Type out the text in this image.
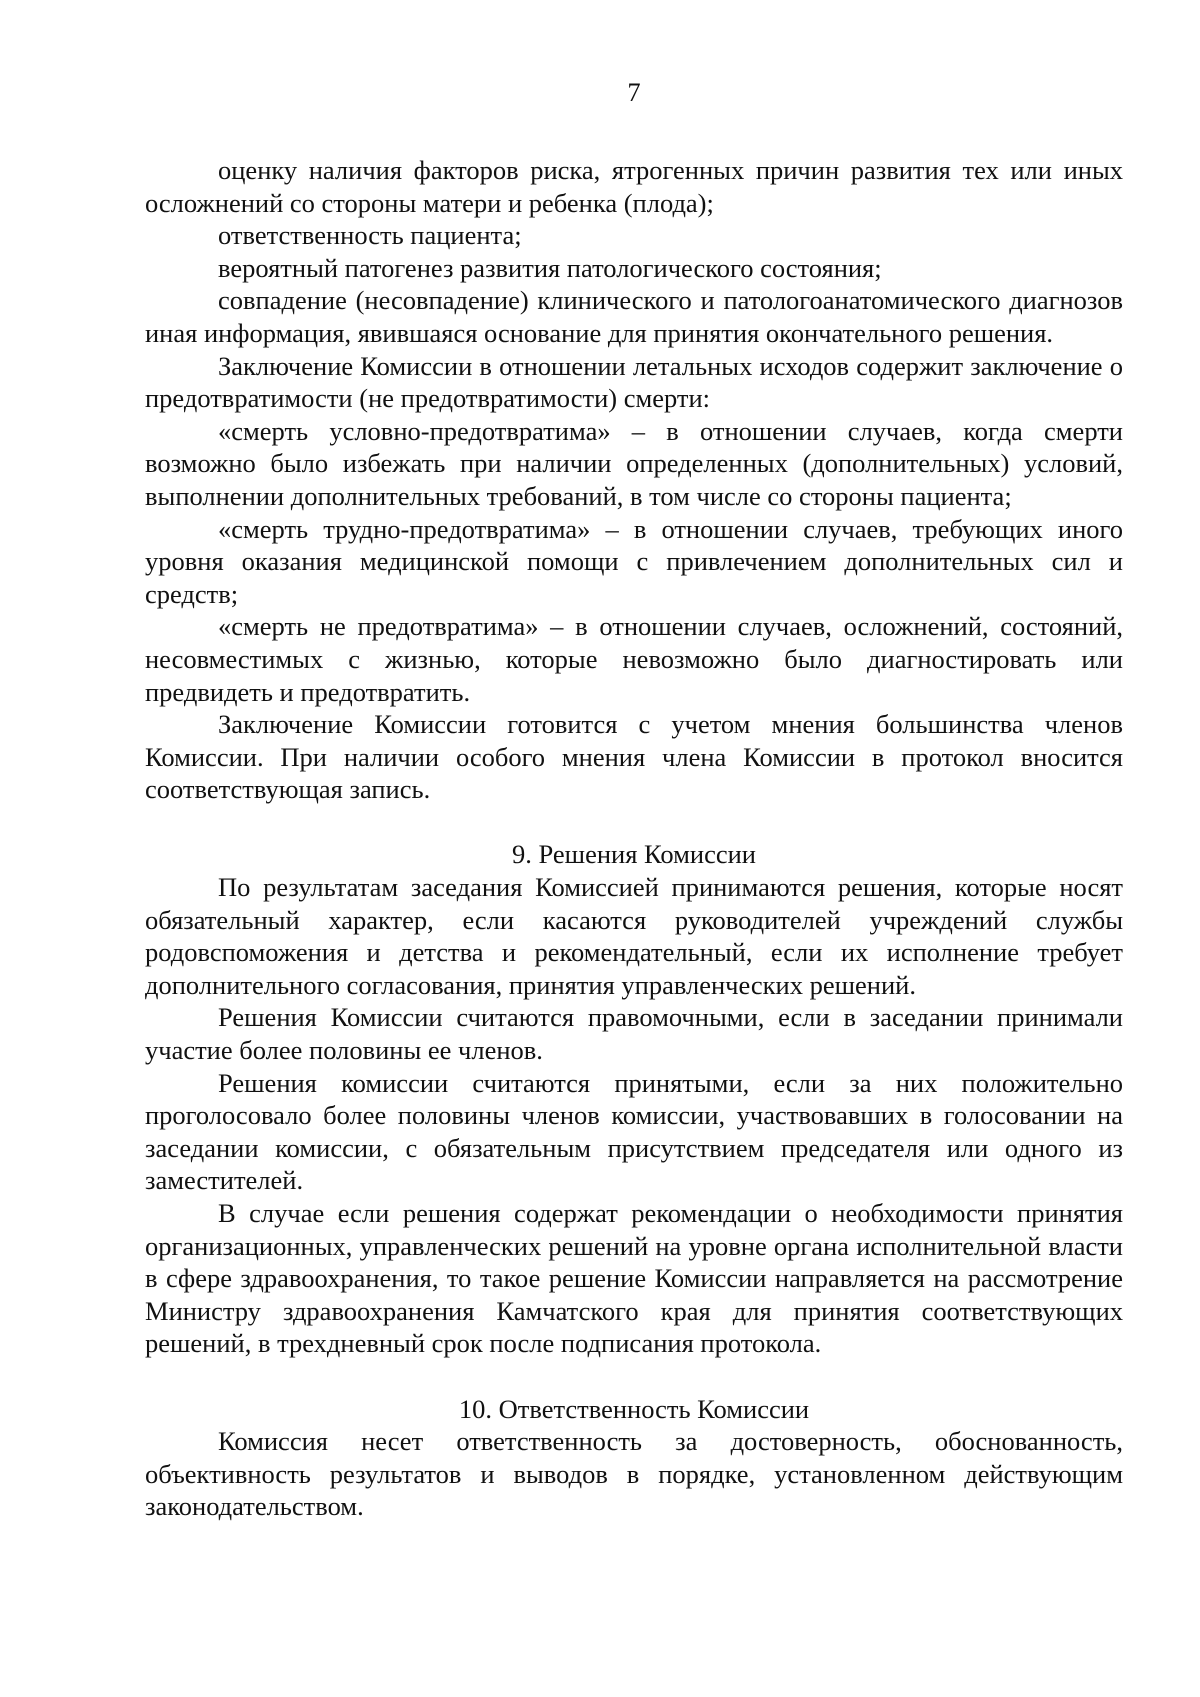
7

оценку наличия факторов риска, ятрогенных причин развития тех или иных осложнений со стороны матери и ребенка (плода);

ответственность пациента;

вероятный патогенез развития патологического состояния;

совпадение (несовпадение) клинического и патологоанатомического диагнозов иная информация, явившаяся основание для принятия окончательного решения.

Заключение Комиссии в отношении летальных исходов содержит заключение о предотвратимости (не предотвратимости) смерти:

«смерть условно-предотвратима» – в отношении случаев, когда смерти возможно было избежать при наличии определенных (дополнительных) условий, выполнении дополнительных требований, в том числе со стороны пациента;

«смерть трудно-предотвратима» – в отношении случаев, требующих иного уровня оказания медицинской помощи с привлечением дополнительных сил и средств;

«смерть не предотвратима» – в отношении случаев, осложнений, состояний, несовместимых с жизнью, которые невозможно было диагностировать или предвидеть и предотвратить.

Заключение Комиссии готовится с учетом мнения большинства членов Комиссии. При наличии особого мнения члена Комиссии в протокол вносится соответствующая запись.

9. Решения Комиссии

По результатам заседания Комиссией принимаются решения, которые носят обязательный характер, если касаются руководителей учреждений службы родовспоможения и детства и рекомендательный, если их исполнение требует дополнительного согласования, принятия управленческих решений.

Решения Комиссии считаются правомочными, если в заседании принимали участие более половины ее членов.

Решения комиссии считаются принятыми, если за них положительно проголосовало более половины членов комиссии, участвовавших в голосовании на заседании комиссии, с обязательным присутствием председателя или одного из заместителей.

В случае если решения содержат рекомендации о необходимости принятия организационных, управленческих решений на уровне органа исполнительной власти в сфере здравоохранения, то такое решение Комиссии направляется на рассмотрение Министру здравоохранения Камчатского края для принятия соответствующих решений, в трехдневный срок после подписания протокола.

10. Ответственность Комиссии

Комиссия несет ответственность за достоверность, обоснованность, объективность результатов и выводов в порядке, установленном действующим законодательством.
